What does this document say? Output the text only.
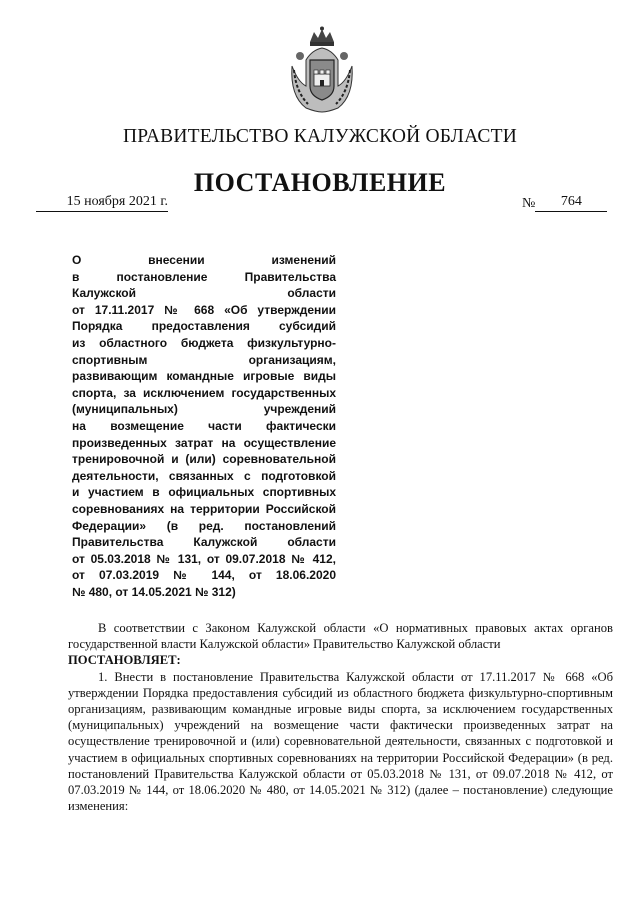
ПРАВИТЕЛЬСТВО КАЛУЖСКОЙ ОБЛАСТИ
ПОСТАНОВЛЕНИЕ
15 ноября 2021 г.	№ 764
О внесении изменений
в постановление Правительства
Калужской области
от 17.11.2017 № 668 «Об утверждении
Порядка предоставления субсидий
из областного бюджета физкультурно-
спортивным организациям,
развивающим командные игровые виды
спорта, за исключением государственных
(муниципальных) учреждений
на возмещение части фактически
произведенных затрат на осуществление
тренировочной и (или) соревновательной
деятельности, связанных с подготовкой
и участием в официальных спортивных
соревнованиях на территории Российской
Федерации» (в ред. постановлений
Правительства Калужской области
от 05.03.2018 № 131, от 09.07.2018 № 412,
от 07.03.2019 № 144, от 18.06.2020
№ 480, от 14.05.2021 № 312)

В соответствии с Законом Калужской области «О нормативных правовых актах органов государственной власти Калужской области» Правительство Калужской области

ПОСТАНОВЛЯЕТ:

1. Внести в постановление Правительства Калужской области от 17.11.2017 № 668 «Об утверждении Порядка предоставления субсидий из областного бюджета физкультурно-спортивным организациям, развивающим командные игровые виды спорта, за исключением государственных (муниципальных) учреждений на возмещение части фактически произведенных затрат на осуществление тренировочной и (или) соревновательной деятельности, связанных с подготовкой и участием в официальных спортивных соревнованиях на территории Российской Федерации» (в ред. постановлений Правительства Калужской области от 05.03.2018 № 131, от 09.07.2018 № 412, от 07.03.2019 № 144, от 18.06.2020 № 480, от 14.05.2021 № 312) (далее – постановление) следующие изменения:
